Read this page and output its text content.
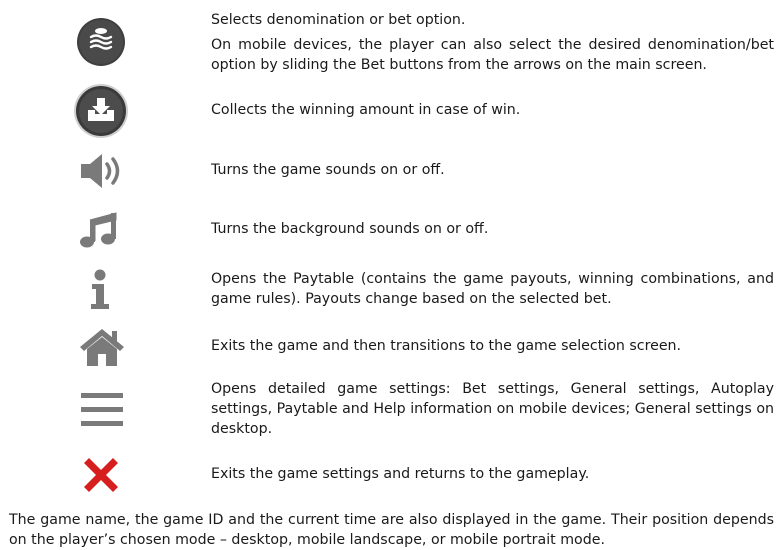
Selects denomination or bet option.

On mobile devices, the player can also select the desired denomination/bet option by sliding the Bet buttons from the arrows on the main screen.

Collects the winning amount in case of win.

Turns the game sounds on or off.

Turns the background sounds on or off.

Opens the Paytable (contains the game payouts, winning combinations, and game rules). Payouts change based on the selected bet.

Exits the game and then transitions to the game selection screen.

Opens detailed game settings: Bet settings, General settings, Autoplay settings, Paytable and Help information on mobile devices; General settings on desktop.

Exits the game settings and returns to the gameplay.

The game name, the game ID and the current time are also displayed in the game. Their position depends on the player’s chosen mode – desktop, mobile landscape, or mobile portrait mode.
